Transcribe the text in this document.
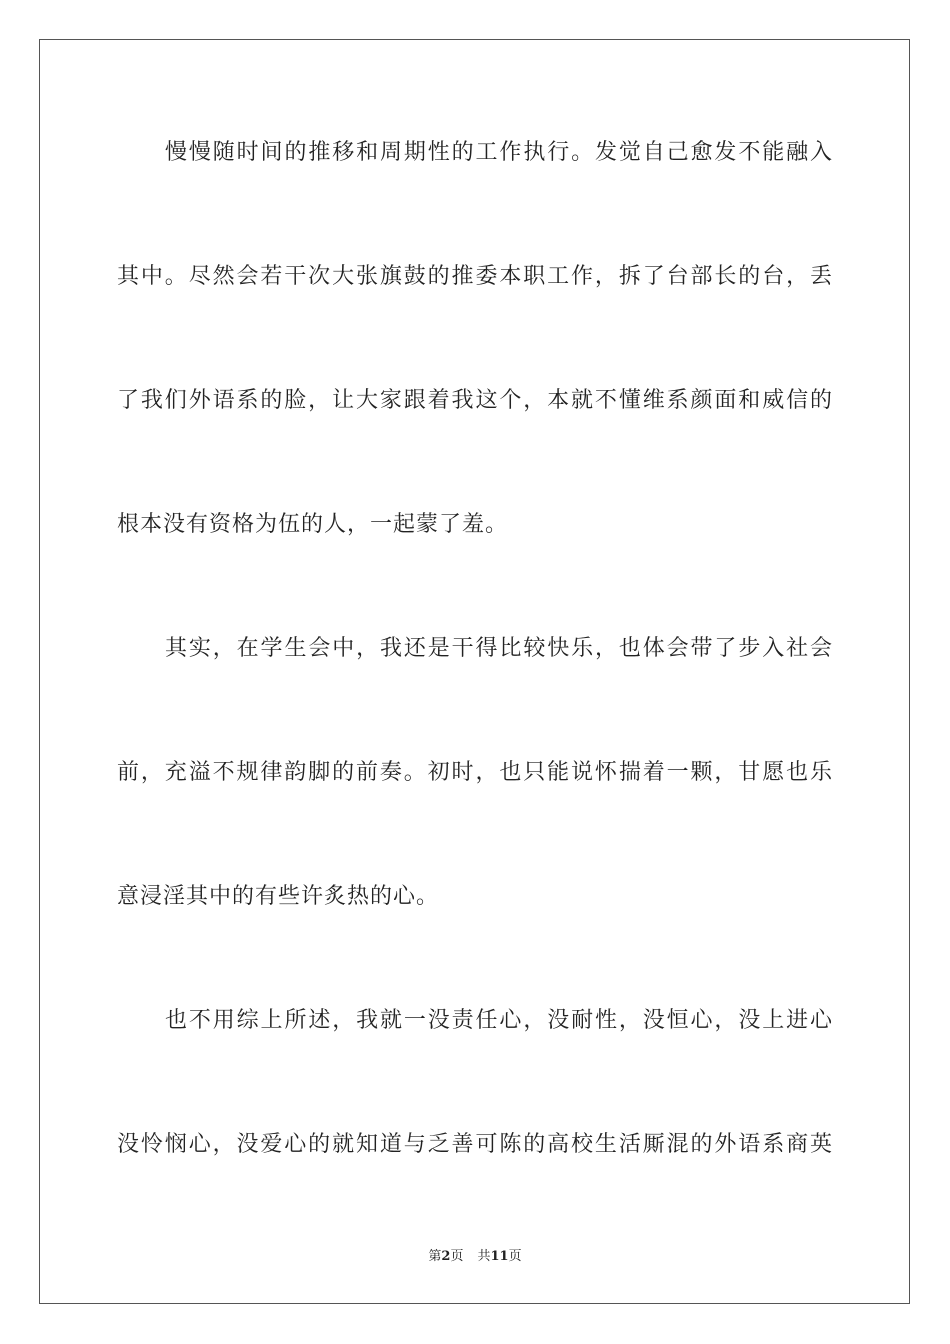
慢慢随时间的推移和周期性的工作执行。发觉自己愈发不能融入

其中。尽然会若干次大张旗鼓的推委本职工作，拆了台部长的台，丢

了我们外语系的脸，让大家跟着我这个，本就不懂维系颜面和威信的

根本没有资格为伍的人，一起蒙了羞。

其实，在学生会中，我还是干得比较快乐，也体会带了步入社会

前，充溢不规律韵脚的前奏。初时，也只能说怀揣着一颗，甘愿也乐

意浸淫其中的有些许炙热的心。

也不用综上所述，我就一没责任心，没耐性，没恒心，没上进心

没怜悯心，没爱心的就知道与乏善可陈的高校生活厮混的外语系商英

第2页 共11页
